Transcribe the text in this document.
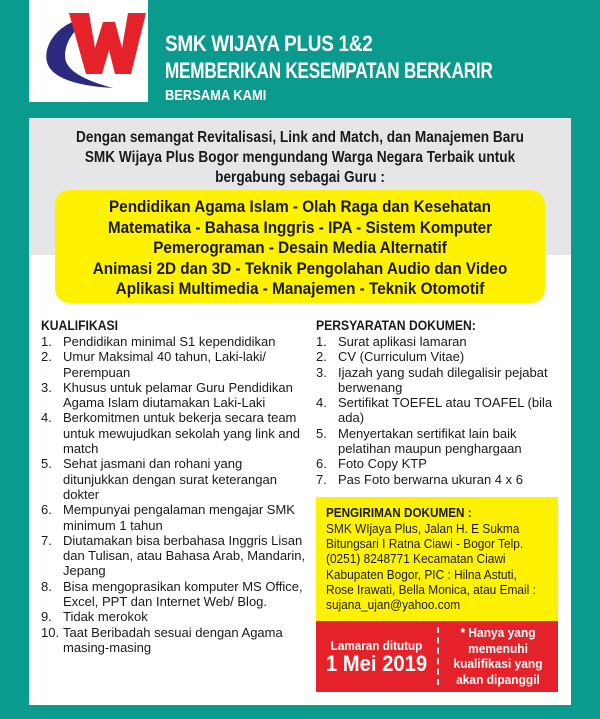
SMK WIJAYA PLUS 1&2
MEMBERIKAN KESEMPATAN BERKARIR
BERSAMA KAMI
Dengan semangat Revitalisasi, Link and Match, dan Manajemen Baru
SMK Wijaya Plus Bogor mengundang Warga Negara Terbaik untuk
bergabung sebagai Guru :
Pendidikan Agama Islam - Olah Raga dan Kesehatan
Matematika - Bahasa Inggris - IPA - Sistem Komputer
Pemerograman - Desain Media Alternatif
Animasi 2D dan 3D - Teknik Pengolahan Audio dan Video
Aplikasi Multimedia - Manajemen - Teknik Otomotif
KUALIFIKASI
1. Pendidikan minimal S1 kependidikan
2. Umur Maksimal 40 tahun, Laki-laki/ Perempuan
3. Khusus untuk pelamar Guru Pendidikan Agama Islam diutamakan Laki-Laki
4. Berkomitmen untuk bekerja secara team untuk mewujudkan sekolah yang link and match
5. Sehat jasmani dan rohani yang ditunjukkan dengan surat keterangan dokter
6. Mempunyai pengalaman mengajar SMK minimum 1 tahun
7. Diutamakan bisa berbahasa Inggris Lisan dan Tulisan, atau Bahasa Arab, Mandarin, Jepang
8. Bisa mengoprasikan komputer MS Office, Excel, PPT dan Internet Web/ Blog.
9. Tidak merokok
10. Taat Beribadah sesuai dengan Agama masing-masing
PERSYARATAN DOKUMEN:
1. Surat aplikasi lamaran
2. CV (Curriculum Vitae)
3. Ijazah yang sudah dilegalisir pejabat berwenang
4. Sertifikat TOEFEL atau TOAFEL (bila ada)
5. Menyertakan sertifikat lain baik pelatihan maupun penghargaan
6. Foto Copy KTP
7. Pas Foto berwarna ukuran 4 x 6
PENGIRIMAN DOKUMEN :
SMK WIjaya Plus, Jalan H. E Sukma
Bitungsari I Ratna Ciawi - Bogor Telp.
(0251) 8248771 Kecamatan Ciawi
Kabupaten Bogor, PIC : Hilna Astuti,
Rose Irawati, Bella Monica, atau Email :
sujana_ujan@yahoo.com
Lamaran ditutup
1 Mei 2019
* Hanya yang
memenuhi
kualifikasi yang
akan dipanggil
